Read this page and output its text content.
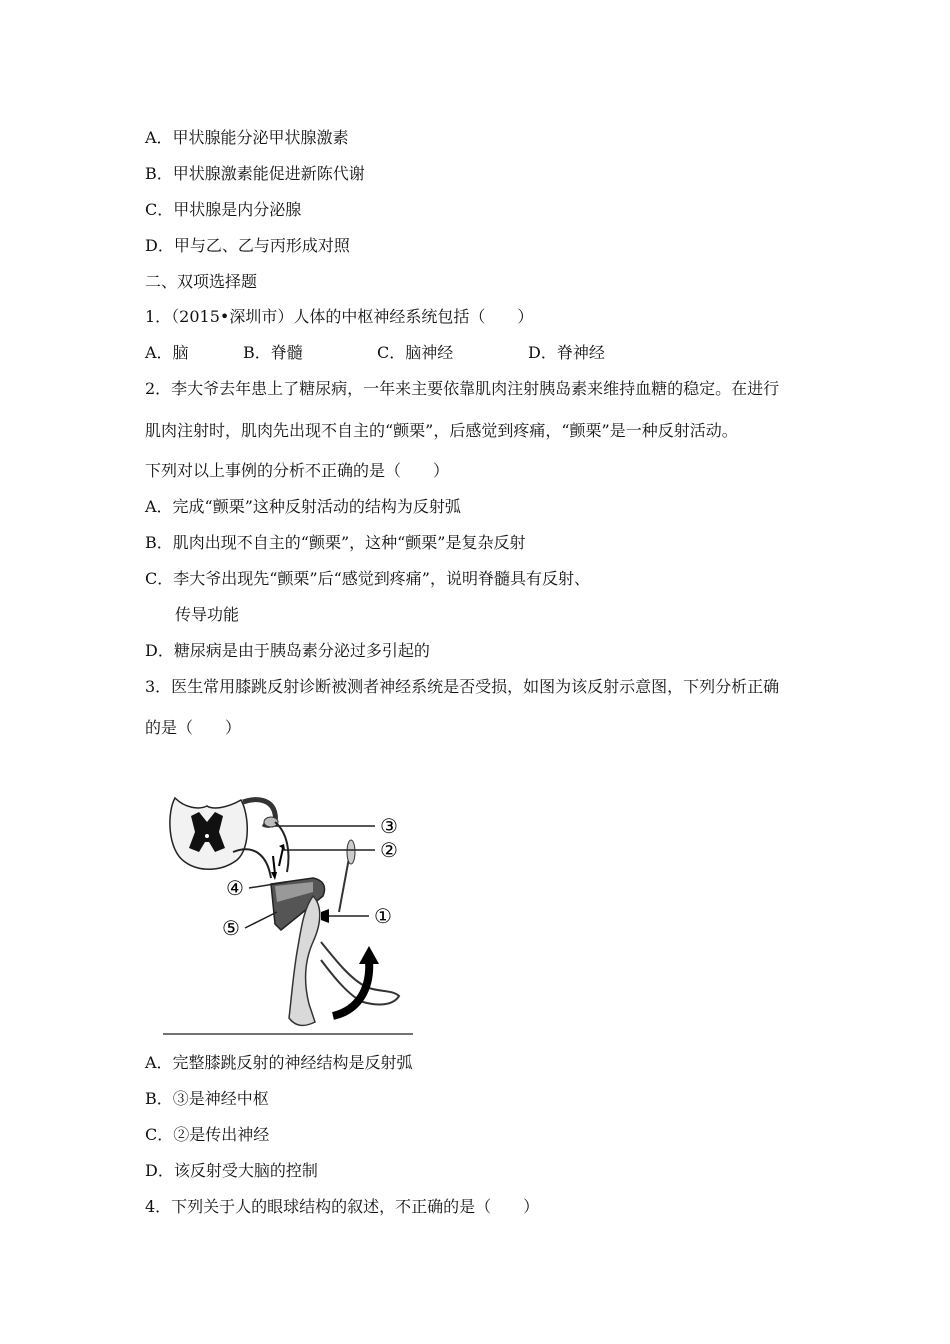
A．甲状腺能分泌甲状腺激素
B．甲状腺激素能促进新陈代谢
C．甲状腺是内分泌腺
D．甲与乙、乙与丙形成对照
二、双项选择题
1．（2015•深圳市）人体的中枢神经系统包括（　　）
A．脑	B．脊髓	C．脑神经	D．脊神经
2．李大爷去年患上了糖尿病，一年来主要依靠肌肉注射胰岛素来维持血糖的稳定。在进行
肌肉注射时，肌肉先出现不自主的“颤栗”，后感觉到疼痛，“颤栗”是一种反射活动。
下列对以上事例的分析不正确的是（　　）
A．完成“颤栗”这种反射活动的结构为反射弧
B．肌肉出现不自主的“颤栗”，这种“颤栗”是复杂反射
C．李大爷出现先“颤栗”后“感觉到疼痛”，说明脊髓具有反射、
传导功能
D．糖尿病是由于胰岛素分泌过多引起的
3．医生常用膝跳反射诊断被测者神经系统是否受损，如图为该反射示意图，下列分析正确
的是（　　）
③
②
④
①
⑤
A．完整膝跳反射的神经结构是反射弧
B．③是神经中枢
C．②是传出神经
D．该反射受大脑的控制
4．下列关于人的眼球结构的叙述，不正确的是（　　）
